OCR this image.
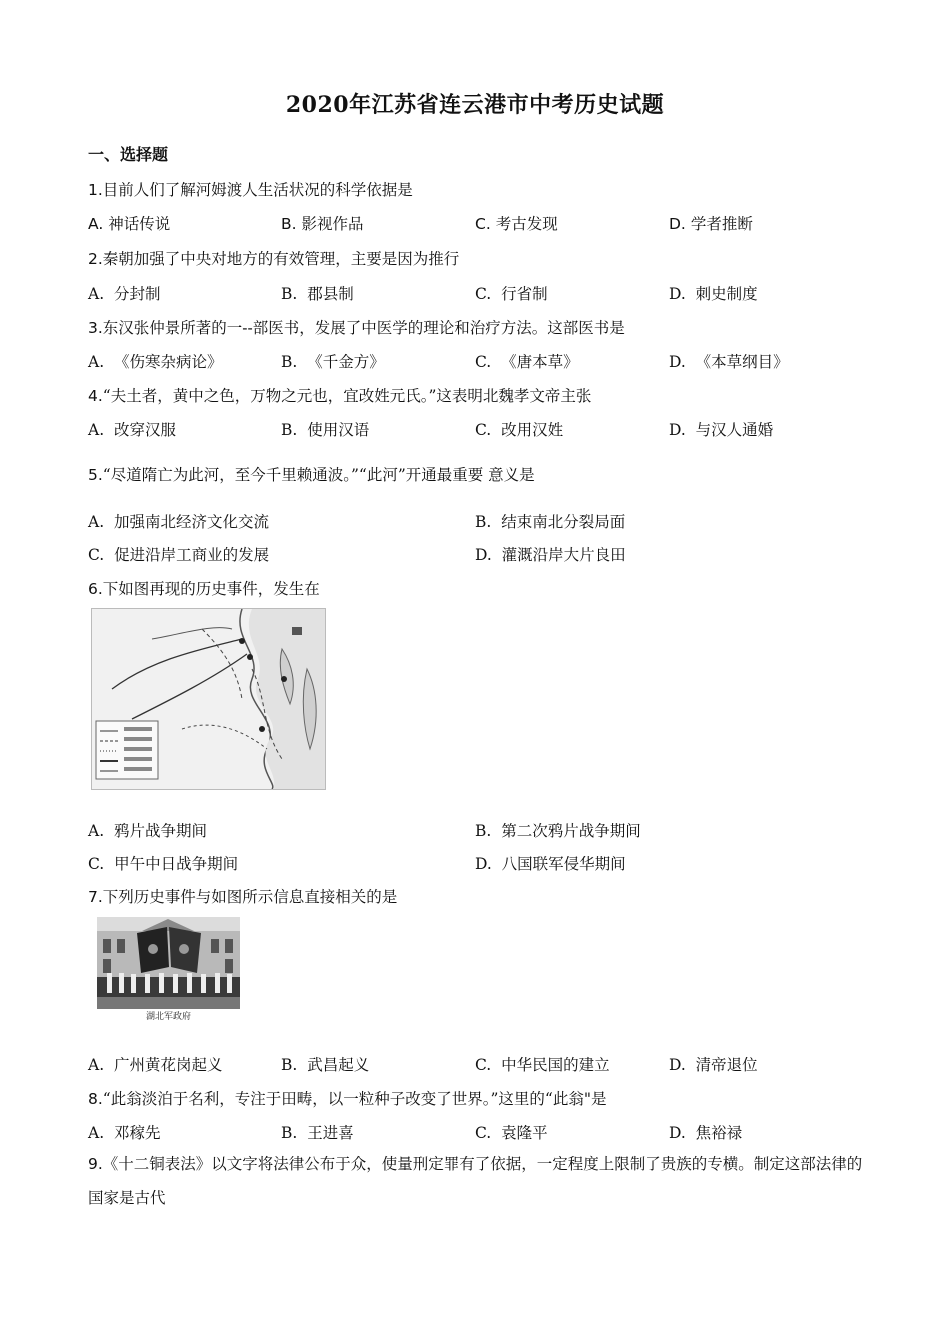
2020年江苏省连云港市中考历史试题
一、选择题
1.目前人们了解河姆渡人生活状况的科学依据是
A. 神话传说	B. 影视作品	C. 考古发现	D. 学者推断
2.秦朝加强了中央对地方的有效管理，主要是因为推行
A. 分封制	B. 郡县制	C. 行省制	D. 刺史制度
3.东汉张仲景所著的一--部医书，发展了中医学的理论和治疗方法。这部医书是
A. 《伤寒杂病论》	B. 《千金方》	C. 《唐本草》	D. 《本草纲目》
4.“夫土者，黄中之色，万物之元也，宜改姓元氏。”这表明北魏孝文帝主张
A. 改穿汉服	B. 使用汉语	C. 改用汉姓	D. 与汉人通婚
5.“尽道隋亡为此河，至今千里赖通波。”“此河”开通最重要 意义是
A. 加强南北经济文化交流	B. 结束南北分裂局面
C. 促进沿岸工商业的发展	D. 灌溉沿岸大片良田
6.下如图再现的历史事件，发生在
A. 鸦片战争期间	B. 第二次鸦片战争期间
C. 甲午中日战争期间	D. 八国联军侵华期间
7.下列历史事件与如图所示信息直接相关的是
湖北军政府
A. 广州黄花岗起义	B. 武昌起义	C. 中华民国的建立	D. 清帝退位
8.“此翁淡泊于名利，专注于田畴，以一粒种子改变了世界。”这里的“此翁"是
A. 邓稼先	B. 王进喜	C. 袁隆平	D. 焦裕禄
9.《十二铜表法》以文字将法律公布于众，使量刑定罪有了依据，一定程度上限制了贵族的专横。制定这部法律的国家是古代
